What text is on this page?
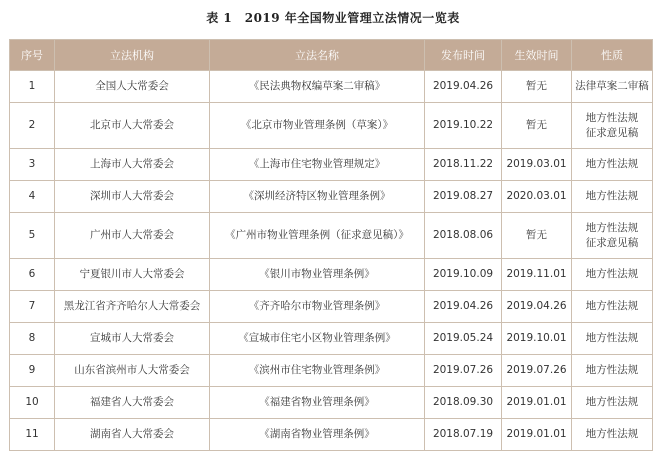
表 1　2019 年全国物业管理立法情况一览表
序号	立法机构	立法名称	发布时间	生效时间	性质
1	全国人大常委会	《民法典物权编草案二审稿》	2019.04.26	暂无	法律草案二审稿

2	北京市人大常委会	《北京市物业管理条例（草案）》	2019.10.22	暂无	地方性法规
征求意见稿

3	上海市人大常委会	《上海市住宅物业管理规定》	2018.11.22	2019.03.01	地方性法规

4	深圳市人大常委会	《深圳经济特区物业管理条例》	2019.08.27	2020.03.01	地方性法规

5	广州市人大常委会	《广州市物业管理条例（征求意见稿）》	2018.08.06	暂无	地方性法规
征求意见稿

6	宁夏银川市人大常委会	《银川市物业管理条例》	2019.10.09	2019.11.01	地方性法规

7	黑龙江省齐齐哈尔人大常委会	《齐齐哈尔市物业管理条例》	2019.04.26	2019.04.26	地方性法规

8	宣城市人大常委会	《宣城市住宅小区物业管理条例》	2019.05.24	2019.10.01	地方性法规

9	山东省滨州市人大常委会	《滨州市住宅物业管理条例》	2019.07.26	2019.07.26	地方性法规

10	福建省人大常委会	《福建省物业管理条例》	2018.09.30	2019.01.01	地方性法规

11	湖南省人大常委会	《湖南省物业管理条例》	2018.07.19	2019.01.01	地方性法规
